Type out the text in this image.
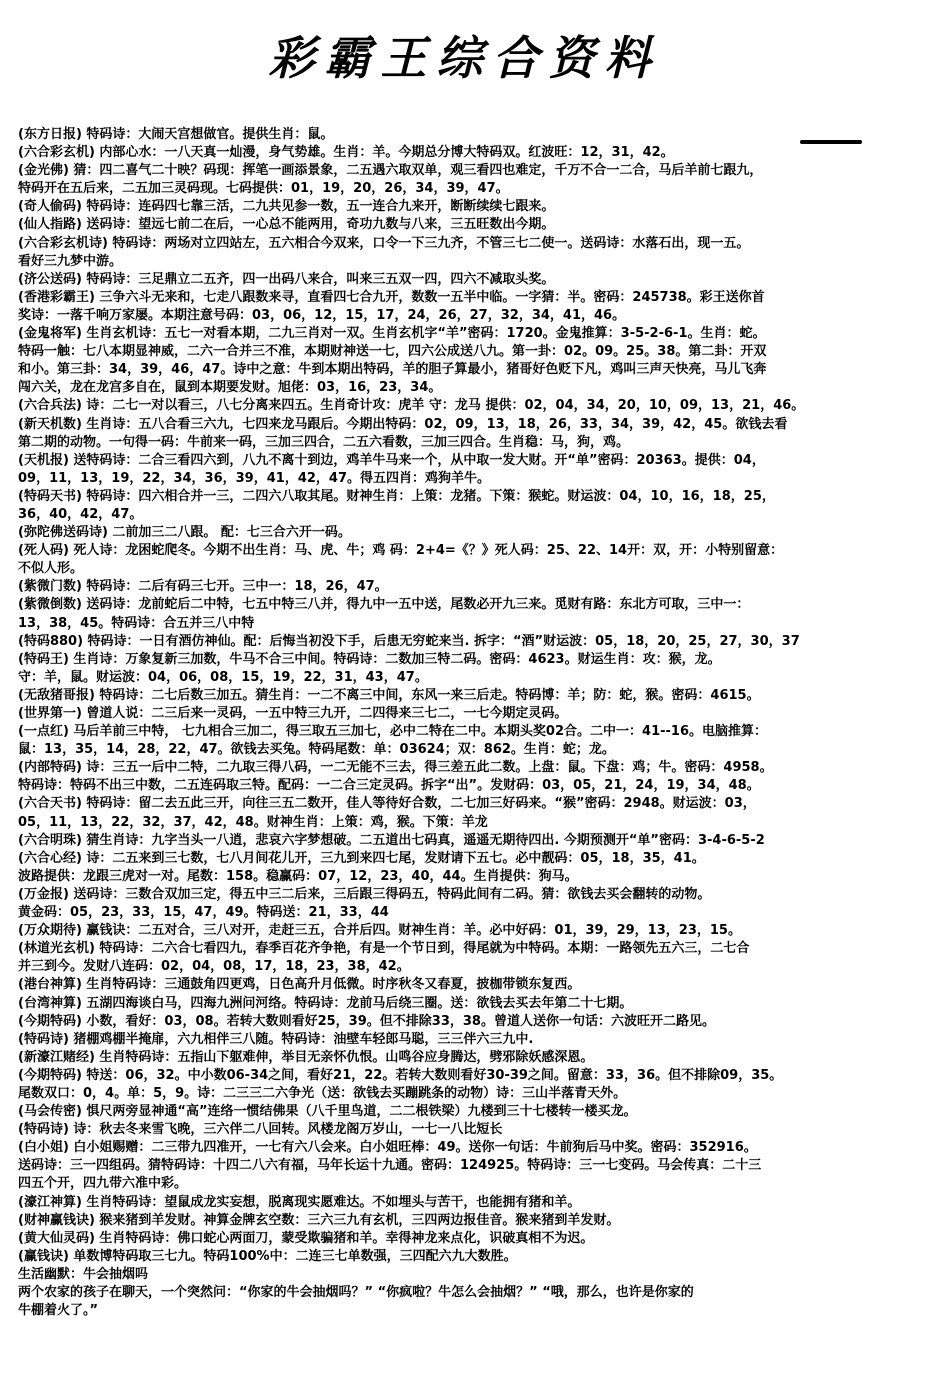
彩霸王综合资料
(东方日报) 特码诗：大闹天宫想做官。提供生肖：鼠。
(六合彩玄机) 内部心水：一八天真一灿漫，身气势雄。生肖：羊。今期总分博大特码双。红波旺：12，31，42。
(金光佛) 猜：四二喜气二十映？码现：挥笔一画添景象，二五遇六取双单，观三看四也难定，千万不合一二合，马后羊前七跟九，
特码开在五后来，二五加三灵码现。七码提供：01，19，20，26，34，39，47。
(奇人偷码) 特码诗：连码四七靠三活，二九共见参一数，五一连合九来开，断断续续七跟来。
(仙人指路) 送码诗：望远七前二在后，一心总不能两用，奇功九数与八来，三五旺数出今期。
(六合彩玄机诗) 特码诗：两场对立四站左，五六相合今双来，口令一下三九齐，不管三七二使一。送码诗：水落石出，现一五。
看好三九梦中游。
(济公送码) 特码诗：三足鼎立二五齐，四一出码八来合，叫来三五双一四，四六不减取头奖。
(香港彩霸王) 三争六斗无来和，七走八跟数来寻，直看四七合九开，数数一五半中临。一字猜：半。密码：245738。彩王送你首
奖诗：一落千响万家屡。本期注意号码：03，06，12，15，17，24，26，27，32，34，41，46。
(金鬼将军) 生肖玄机诗：五七一对看本期，二九三肖对一双。生肖玄机字“羊”密码：1720。金鬼推算：3-5-2-6-1。生肖：蛇。
特码一触：七八本期显神威，二六一合并三不准，本期财神送一七，四六公成送八九。第一卦：02。09。25。38。第二卦：开双
和小。第三卦：34，39，46，47。诗中之意：牛到本期出特码，羊的胆子算最小，猪哥好色贬下凡，鸡叫三声天快亮，马儿飞奔
闯六关，龙在龙宫多自在，鼠到本期要发财。旭佬：03，16，23，34。
(六合兵法) 诗：二七一对以看三，八七分离来四五。生肖奇计攻：虎羊 守：龙马 提供：02，04，34，20，10，09，13，21，46。
(新天机数) 生肖诗：五八合看三六九，七四来龙马跟后。今期出特码：02，09，13，18，26，33，34，39，42，45。欲钱去看
第二期的动物。一句得一码：牛前来一码，三加三四合，二五六看数，三加三四合。生肖稳：马，狗，鸡。
(天机报) 送特码诗：二合三看四六到，八九不离十到边，鸡羊牛马来一个，从中取一发大财。开“单”密码：20363。提供：04，
09，11，13，19，22，34，36，39，41，42，47。得五四肖：鸡狗羊牛。
(特码天书) 特码诗：四六相合并一三，二四六八取其尾。财神生肖：上策：龙猪。下策：猴蛇。财运波：04，10，16，18，25，
36，40，42，47。
(弥陀佛送码诗) 二前加三二八跟。 配：七三合六开一码。
(死人码) 死人诗：龙困蛇爬冬。今期不出生肖：马、虎、牛；鸡 码：2+4=《？》死人码：25、22、14开：双，开：小特别留意：
不似人形。
(紫微门数) 特码诗：二后有码三七开。三中一：18，26，47。
(紫微倒数) 送码诗：龙前蛇后二中特，七五中特三八并，得九中一五中送，尾数必开九三来。觅财有路：东北方可取，三中一：
13，38，45。特码诗：合五并三八中特
(特码880) 特码诗：一日有酒仿神仙。配：后悔当初没下手，后患无穷蛇来当. 拆字：“酒”财运波：05，18，20，25，27，30，37
(特码王) 生肖诗：万象复新三加数，牛马不合三中间。特码诗：二数加三特二码。密码：4623。财运生肖：攻：猴，龙。
守：羊，鼠。财运波：04，06，08，15，19，22，31，43，47。
(无敌猪哥报) 特码诗：二七后数三加五。猜生肖：一二不离三中间，东风一来三后走。特码博：羊；防：蛇，猴。密码：4615。
(世界第一) 曾道人说：二三后来一灵码，一五中特三九开，二四得来三七二，一七今期定灵码。
(一点红) 马后羊前三中特， 七九相合三加二，得三取五三加七，必中二特在二中。本期头奖02合。二中一：41--16。电脑推算：
鼠：13，35，14，28，22，47。欲钱去买兔。特码尾数：单：03624；双：862。生肖：蛇；龙。
(内部特码) 诗：三五一后中二特，二九取三得八码，一二无能不三去，得三差五此二数。上盘：鼠。下盘：鸡；牛。密码：4958。
特码诗：特码不出三中数，二五连码取三特。配码：一二合三定灵码。拆字“出”。发财码：03，05，21，24，19，34，48。
(六合天书) 特码诗：留二去五此三开，向往三五二数开，佳人等待好合数，二七加三好码来。“猴”密码：2948。财运波：03，
05，11，13，22，32，37，42，48。财神生肖：上策：鸡，猴。下策：羊龙
(六合明珠) 猜生肖诗：九字当头一八逍，悲哀六字梦想破。二五道出七码真，遥遥无期待四出. 今期预测开“单”密码：3-4-6-5-2
(六合心经) 诗：二五来到三七数，七八月间花儿开，三九到来四七尾，发财请下五七。必中靓码：05，18，35，41。
波路提供：龙跟三虎对一对。尾数：158。稳赢码：07，12，23，40，44。生肖提供：狗马。
(万金报) 送码诗：三数合双加三定，得五中三二后来，三后跟三得码五，特码此间有二码。猜：欲钱去买会翻转的动物。
黄金码：05，23，33，15，47，49。特码送：21，33，44
(万众期待) 赢钱诀：二五对合，三八对开，走赶三五，合并后四。财神生肖：羊。必中好码：01，39，29，13，23，15。
(林道光玄机) 特码诗：二六合七看四九，春季百花齐争艳，有是一个节日到，得尾就为中特码。本期：一路领先五六三，二七合
并三到今。发财八连码：02，04，08，17，18，23，38，42。
(港台神算) 生肖特码诗：三通鼓角四更鸡，日色高升月低微。时序秋冬又春夏，披枷带锁东复西。
(台湾神算) 五湖四海谈白马，四海九洲问河络。特码诗：龙前马后绕三圈。送：欲钱去买去年第二十七期。
(今期特码) 小数，看好：03，08。若转大数则看好25，39。但不排除33，38。曾道人送你一句话：六波旺开二路见。
(特码诗) 猪棚鸡棚半掩扉，六九相伴三八随。特码诗：油壁车轻郎马聪，三三伴六三九中.
(新濠江赌经) 生肖特码诗：五指山下躯难伸，举目无亲怀仇恨。山鸣谷应身腾达，劈邪除妖感深恩。
(今期特码) 特送：06，32。中小数06-34之间，看好21，22。若转大数则看好30-39之间。留意：33，36。但不排除09，35。
尾数双口：0，4。单：5，9。诗：二三三二六争光（送：欲钱去买蹦跳条的动物）诗：三山半落青天外。
(马会传密) 惧尺两旁显神通“高”连络一惯结佛果（八千里鸟道，二二根铁梁）九楼到三十七楼转一楼买龙。
(特码诗) 诗：秋去冬来雪飞晚，三六伴二八回转。风楼龙阁万岁山，一七一八比短长
(白小姐) 白小姐赐赠：二三带九四准开，一七有六八会来。白小姐旺棒：49。送你一句话：牛前狗后马中奖。密码：352916。
送码诗：三一四组码。猜特码诗：十四二八六有福，马年长运十九通。密码：124925。特码诗：三一七变码。马会传真：二十三
四五个开，四九带六准中彩。
(濠江神算) 生肖特码诗：望鼠成龙实妄想，脱离现实愿难达。不如埋头与苦干，也能拥有猪和羊。
(财神赢钱诀) 猴来猪到羊发财。神算金牌玄空数：三六三九有玄机，三四两边报佳音。猴来猪到羊发财。
(黄大仙灵码) 生肖特码诗：佛口蛇心两面刀，蒙受欺骗猪和羊。幸得神龙来点化，识破真相不为迟。
(赢钱诀) 单数博特码取三七九。特码100%中：二连三七单数强，三四配六九大数胜。
生活幽默：牛会抽烟吗
两个农家的孩子在聊天，一个突然问：“你家的牛会抽烟吗？” “你疯啦？牛怎么会抽烟？” “哦，那么，也许是你家的
牛棚着火了。”
